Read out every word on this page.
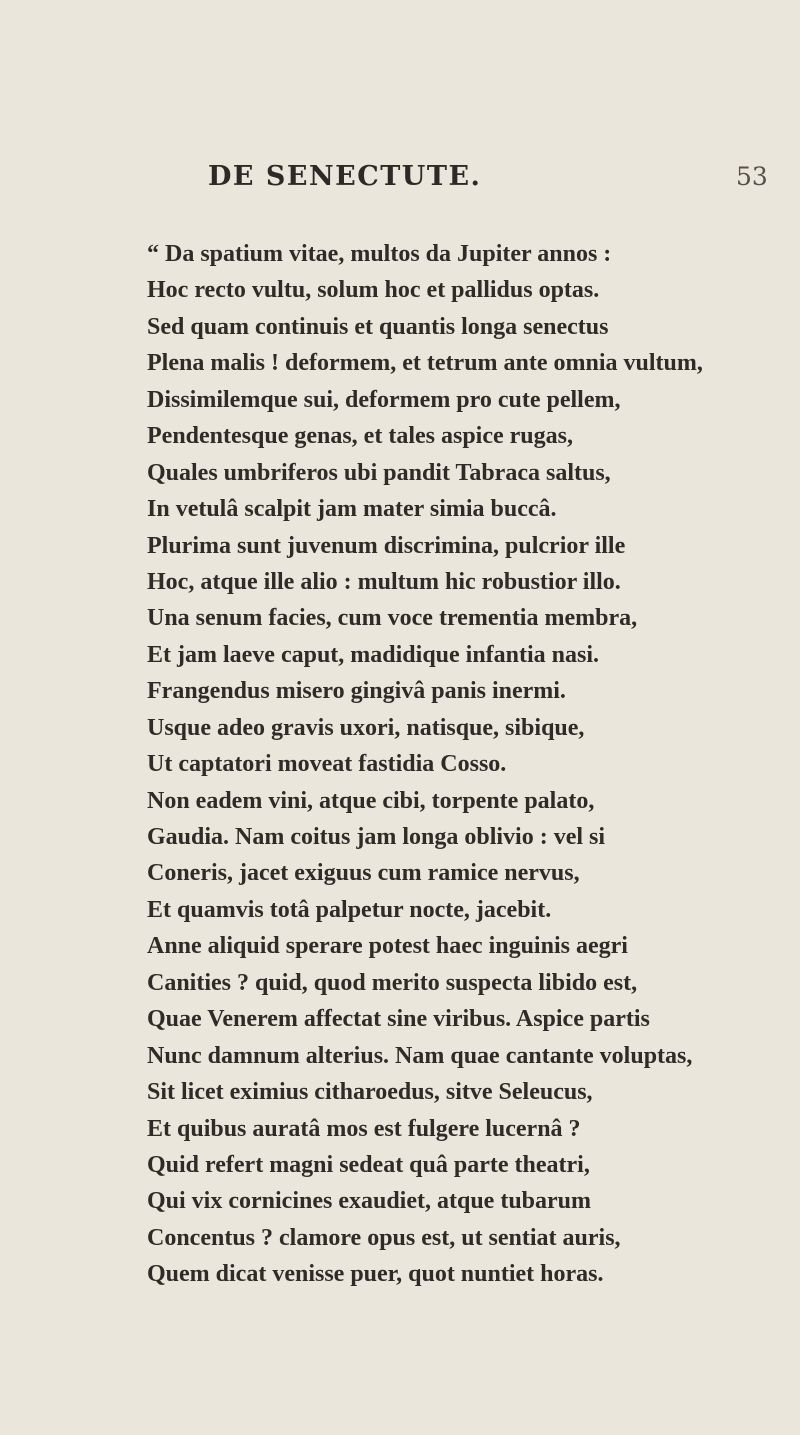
DE SENECTUTE.	53
“ Da spatium vitae, multos da Jupiter annos :
Hoc recto vultu, solum hoc et pallidus optas.
Sed quam continuis et quantis longa senectus
Plena malis ! deformem, et tetrum ante omnia vultum,
Dissimilemque sui, deformem pro cute pellem,
Pendentesque genas, et tales aspice rugas,
Quales umbriferos ubi pandit Tabraca saltus,
In vetulâ scalpit jam mater simia buccâ.
Plurima sunt juvenum discrimina, pulcrior ille
Hoc, atque ille alio : multum hic robustior illo.
Una senum facies, cum voce trementia membra,
Et jam laeve caput, madidique infantia nasi.
Frangendus misero gingivâ panis inermi.
Usque adeo gravis uxori, natisque, sibique,
Ut captatori moveat fastidia Cosso.
Non eadem vini, atque cibi, torpente palato,
Gaudia. Nam coitus jam longa oblivio : vel si
Coneris, jacet exiguus cum ramice nervus,
Et quamvis totâ palpetur nocte, jacebit.
Anne aliquid sperare potest haec inguinis aegri
Canities ? quid, quod merito suspecta libido est,
Quae Venerem affectat sine viribus. Aspice partis
Nunc damnum alterius. Nam quae cantante voluptas,
Sit licet eximius citharoedus, sitve Seleucus,
Et quibus auratâ mos est fulgere lucernâ ?
Quid refert magni sedeat quâ parte theatri,
Qui vix cornicines exaudiet, atque tubarum
Concentus ? clamore opus est, ut sentiat auris,
Quem dicat venisse puer, quot nuntiet horas.
